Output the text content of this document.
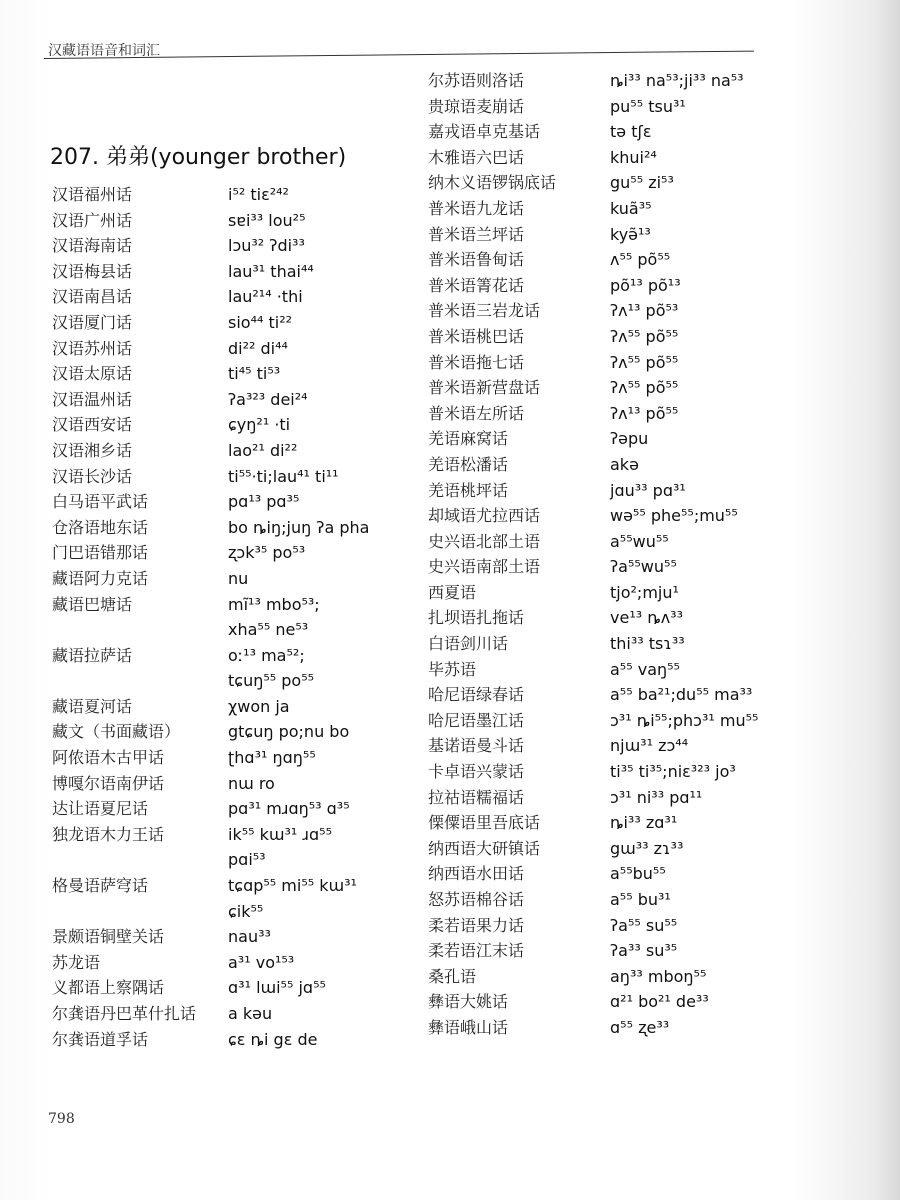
汉藏语语音和词汇
207. 弟弟(younger brother)
汉语福州话	i⁵² tiɛ²⁴²
汉语广州话	sɐi³³ lou²⁵
汉语海南话	lɔu³² ʔdi³³
汉语梅县话	lau³¹ thai⁴⁴
汉语南昌话	lau²¹⁴ ·thi
汉语厦门话	sio⁴⁴ ti²²
汉语苏州话	di²² di⁴⁴
汉语太原话	ti⁴⁵ ti⁵³
汉语温州话	ʔa³²³ dei²⁴
汉语西安话	ɕyŋ²¹ ·ti
汉语湘乡话	lao²¹ di²²
汉语长沙话	ti⁵⁵·ti;lau⁴¹ ti¹¹
白马语平武话	pɑ¹³ pɑ³⁵
仓洛语地东话	bo ȵiŋ;juŋ ʔa pha
门巴语错那话	ʐɔk³⁵ po⁵³
藏语阿力克话	nu
藏语巴塘话	mĩ¹³ mbo⁵³;
xha⁵⁵ ne⁵³
藏语拉萨话	oː¹³ ma⁵²;
tɕuŋ⁵⁵ po⁵⁵
藏语夏河话	χwon ja
藏文（书面藏语）	gtɕuŋ po;nu bo
阿侬语木古甲话	ʈhɑ³¹ ŋɑŋ⁵⁵
博嘎尔语南伊话	nɯ ro
达让语夏尼话	pɑ³¹ mɹɑŋ⁵³ ɑ³⁵
独龙语木力王话	ik⁵⁵ kɯ³¹ ɹɑ⁵⁵
pɑi⁵³
格曼语萨穹话	tɕɑp⁵⁵ mi⁵⁵ kɯ³¹
ɕik⁵⁵
景颇语铜壁关话	nau³³
苏龙语	a³¹ vo¹⁵³
义都语上察隅话	ɑ³¹ lɯi⁵⁵ jɑ⁵⁵
尔龚语丹巴革什扎话	a kəu
尔龚语道孚话	ɕɛ ȵi gɛ de
尔苏语则洛话	ȵi³³ na⁵³;ji³³ na⁵³
贵琼语麦崩话	pu⁵⁵ tsu³¹
嘉戎语卓克基话	tə tʃɛ
木雅语六巴话	khui²⁴
纳木义语锣锅底话	gu⁵⁵ zi⁵³
普米语九龙话	kuã³⁵
普米语兰坪话	kyə̃¹³
普米语鲁甸话	ʌ⁵⁵ põ⁵⁵
普米语箐花话	põ¹³ põ¹³
普米语三岩龙话	ʔʌ¹³ põ⁵³
普米语桃巴话	ʔʌ⁵⁵ põ⁵⁵
普米语拖七话	ʔʌ⁵⁵ põ⁵⁵
普米语新营盘话	ʔʌ⁵⁵ põ⁵⁵
普米语左所话	ʔʌ¹³ põ⁵⁵
羌语麻窝话	ʔəpu
羌语松潘话	akə
羌语桃坪话	jɑu³³ pɑ³¹
却域语尤拉西话	wə⁵⁵ phe⁵⁵;mu⁵⁵
史兴语北部土语	a⁵⁵wu⁵⁵
史兴语南部土语	ʔa⁵⁵wu⁵⁵
西夏语	tjo²;mju¹
扎坝语扎拖话	ve¹³ ȵʌ³³
白语剑川话	thi³³ tsɿ³³
毕苏语	a⁵⁵ vaŋ⁵⁵
哈尼语绿春话	a⁵⁵ ba²¹;du⁵⁵ ma³³
哈尼语墨江话	ɔ³¹ ȵi⁵⁵;phɔ³¹ mu⁵⁵
基诺语曼斗话	njɯ³¹ zɔ⁴⁴
卡卓语兴蒙话	ti³⁵ ti³⁵;niɛ³²³ jo³
拉祜语糯福话	ɔ³¹ ni³³ pɑ¹¹
傈僳语里吾底话	ȵi³³ zɑ³¹
纳西语大研镇话	gɯ³³ zɿ³³
纳西语水田话	a⁵⁵bu⁵⁵
怒苏语棉谷话	a⁵⁵ bu³¹
柔若语果力话	ʔa⁵⁵ su⁵⁵
柔若语江末话	ʔa³³ su³⁵
桑孔语	aŋ³³ mboŋ⁵⁵
彝语大姚话	ɑ²¹ bo²¹ de³³
彝语峨山话	ɑ⁵⁵ ʐe³³
798
